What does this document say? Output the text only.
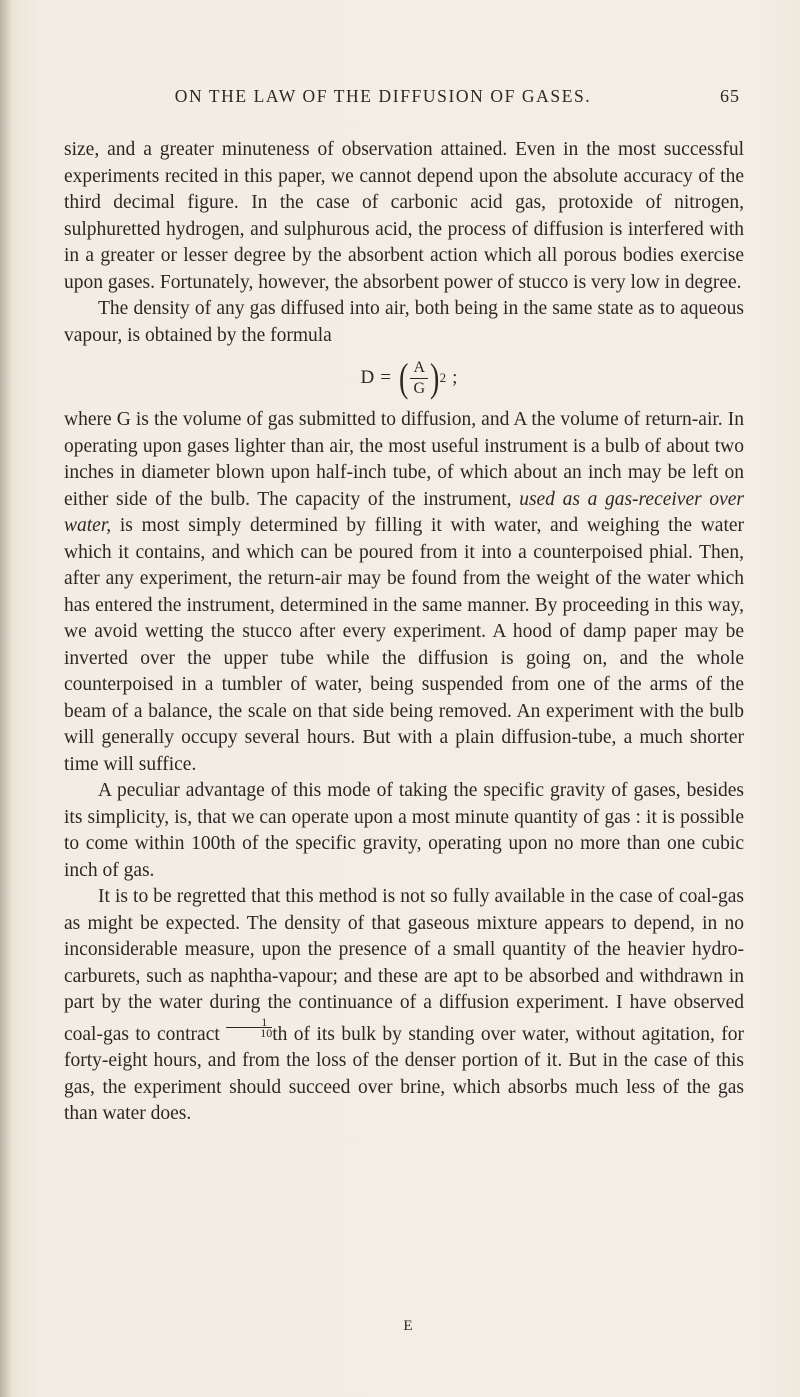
ON THE LAW OF THE DIFFUSION OF GASES.	65

size, and a greater minuteness of observation attained. Even in the most successful experiments recited in this paper, we cannot depend upon the absolute accuracy of the third decimal figure. In the case of carbonic acid gas, protoxide of nitrogen, sulphuretted hydrogen, and sulphurous acid, the process of diffusion is interfered with in a greater or lesser degree by the absorbent action which all porous bodies exercise upon gases. Fortunately, however, the absorbent power of stucco is very low in degree.

The density of any gas diffused into air, both being in the same state as to aqueous vapour, is obtained by the formula

D = ( $\frac{A}{G}$ ) 2 ;

where G is the volume of gas submitted to diffusion, and A the volume of return-air. In operating upon gases lighter than air, the most useful instrument is a bulb of about two inches in diameter blown upon half-inch tube, of which about an inch may be left on either side of the bulb. The capacity of the instrument, used as a gas-receiver over water, is most simply determined by filling it with water, and weighing the water which it contains, and which can be poured from it into a counterpoised phial. Then, after any experiment, the return-air may be found from the weight of the water which has entered the instrument, determined in the same manner. By proceeding in this way, we avoid wetting the stucco after every experiment. A hood of damp paper may be inverted over the upper tube while the diffusion is going on, and the whole counterpoised in a tumbler of water, being suspended from one of the arms of the beam of a balance, the scale on that side being removed. An experiment with the bulb will generally occupy several hours. But with a plain diffusion-tube, a much shorter time will suffice.

A peculiar advantage of this mode of taking the specific gravity of gases, besides its simplicity, is, that we can operate upon a most minute quantity of gas : it is possible to come within 100th of the specific gravity, operating upon no more than one cubic inch of gas.

It is to be regretted that this method is not so fully available in the case of coal-gas as might be expected. The density of that gaseous mixture appears to depend, in no inconsiderable measure, upon the presence of a small quantity of the heavier hydro-carburets, such as naphtha-vapour; and these are apt to be absorbed and withdrawn in part by the water during the continuance of a diffusion experiment. I have observed coal-gas to contract $\frac{1}{10}$ th of its bulk by standing over water, without agitation, for forty-eight hours, and from the loss of the denser portion of it. But in the case of this gas, the experiment should succeed over brine, which absorbs much less of the gas than water does.

E
